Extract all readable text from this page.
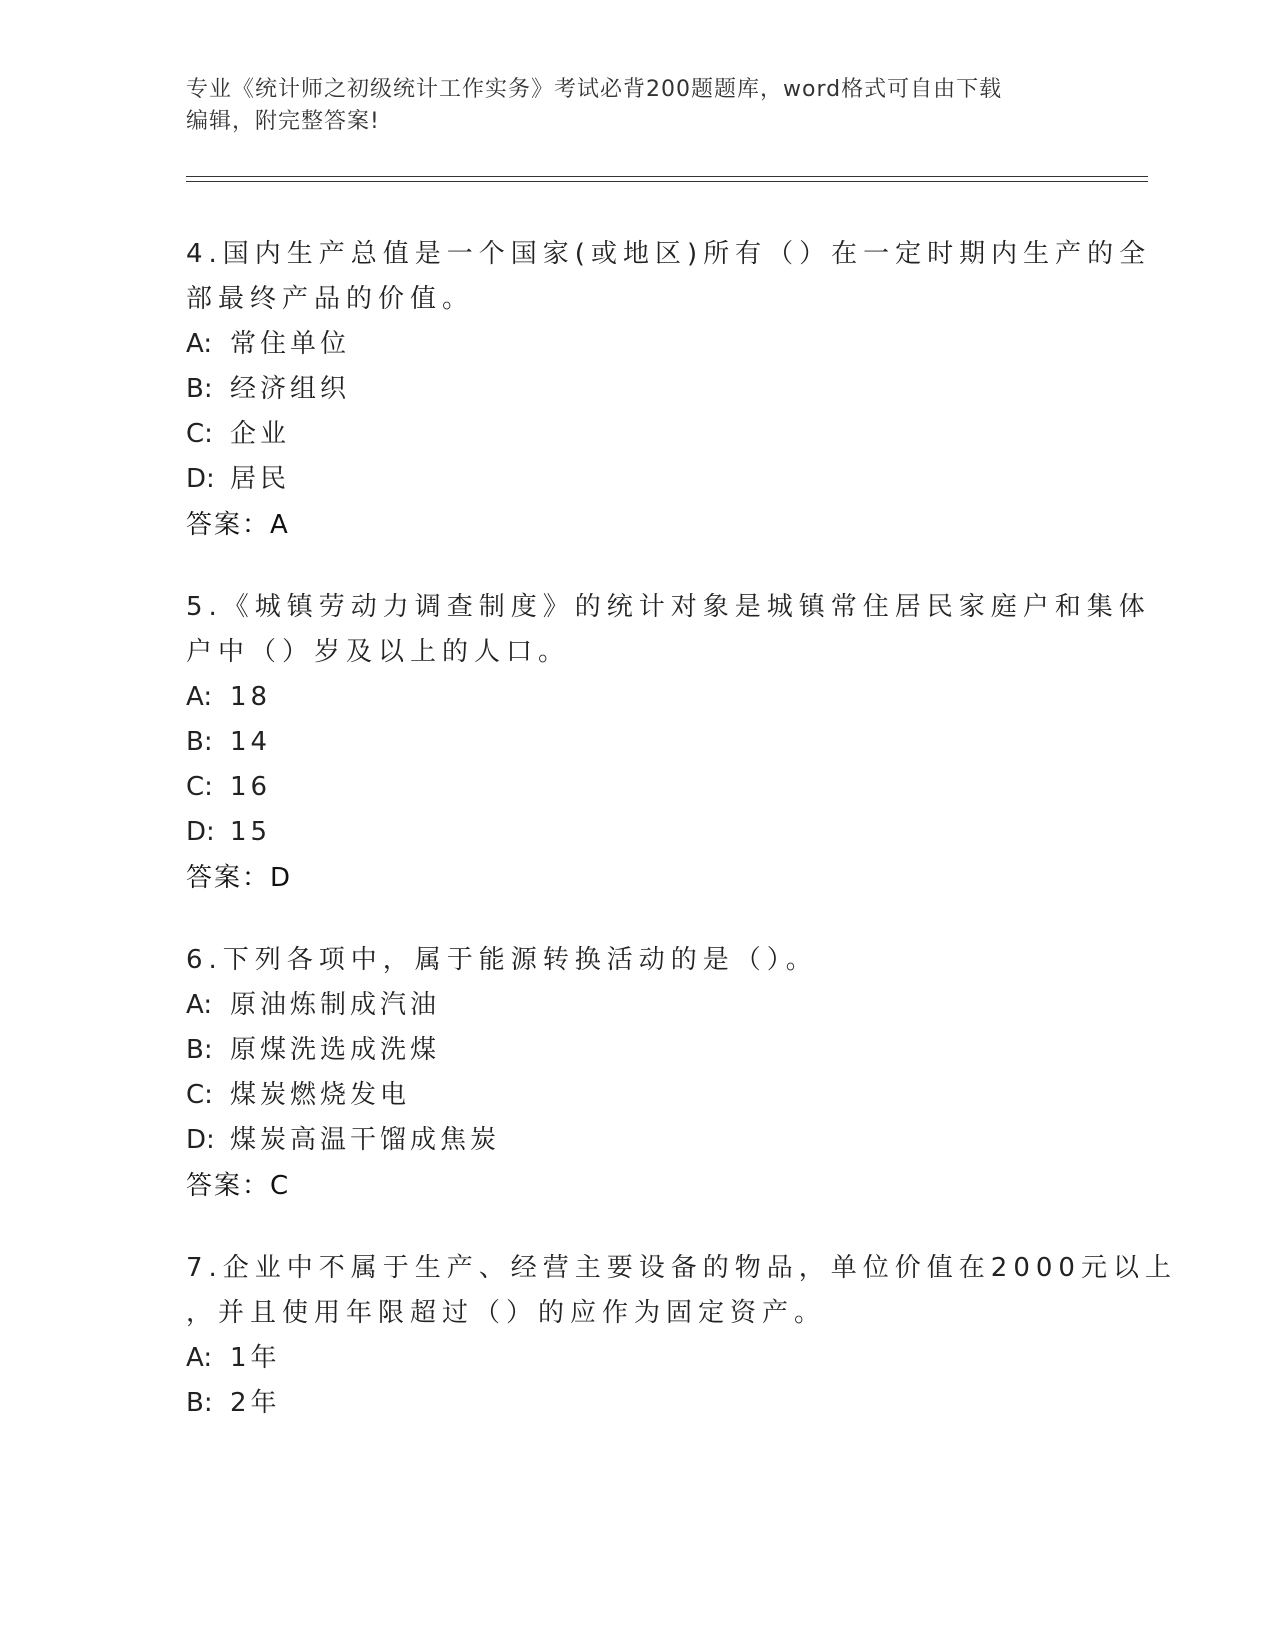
专业《统计师之初级统计工作实务》考试必背200题题库，word格式可自由下载
编辑，附完整答案!
4.国内生产总值是一个国家(或地区)所有（）在一定时期内生产的全
部最终产品的价值。
A: 常住单位
B: 经济组织
C: 企业
D: 居民
答案：A
5.《城镇劳动力调查制度》的统计对象是城镇常住居民家庭户和集体
户中（）岁及以上的人口。
A: 18
B: 14
C: 16
D: 15
答案：D
6.下列各项中，属于能源转换活动的是（）。
A: 原油炼制成汽油
B: 原煤洗选成洗煤
C: 煤炭燃烧发电
D: 煤炭高温干馏成焦炭
答案：C
7.企业中不属于生产、经营主要设备的物品，单位价值在2000元以上
，并且使用年限超过（）的应作为固定资产。
A: 1年
B: 2年
